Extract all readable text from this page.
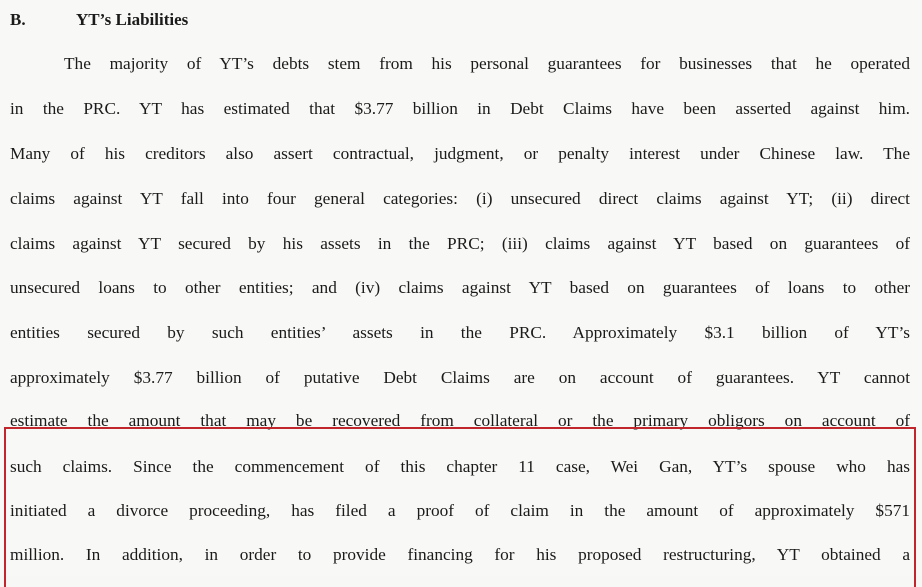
B.	YT’s Liabilities
The majority of YT’s debts stem from his personal guarantees for businesses that he operated
in the PRC. YT has estimated that $3.77 billion in Debt Claims have been asserted against him.
Many of his creditors also assert contractual, judgment, or penalty interest under Chinese law. The
claims against YT fall into four general categories: (i) unsecured direct claims against YT; (ii) direct
claims against YT secured by his assets in the PRC; (iii) claims against YT based on guarantees of
unsecured loans to other entities; and (iv) claims against YT based on guarantees of loans to other
entities secured by such entities’ assets in the PRC. Approximately $3.1 billion of YT’s
approximately $3.77 billion of putative Debt Claims are on account of guarantees. YT cannot
estimate the amount that may be recovered from collateral or the primary obligors on account of
such claims. Since the commencement of this chapter 11 case, Wei Gan, YT’s spouse who has
initiated a divorce proceeding, has filed a proof of claim in the amount of approximately $571
million. In addition, in order to provide financing for his proposed restructuring, YT obtained a
